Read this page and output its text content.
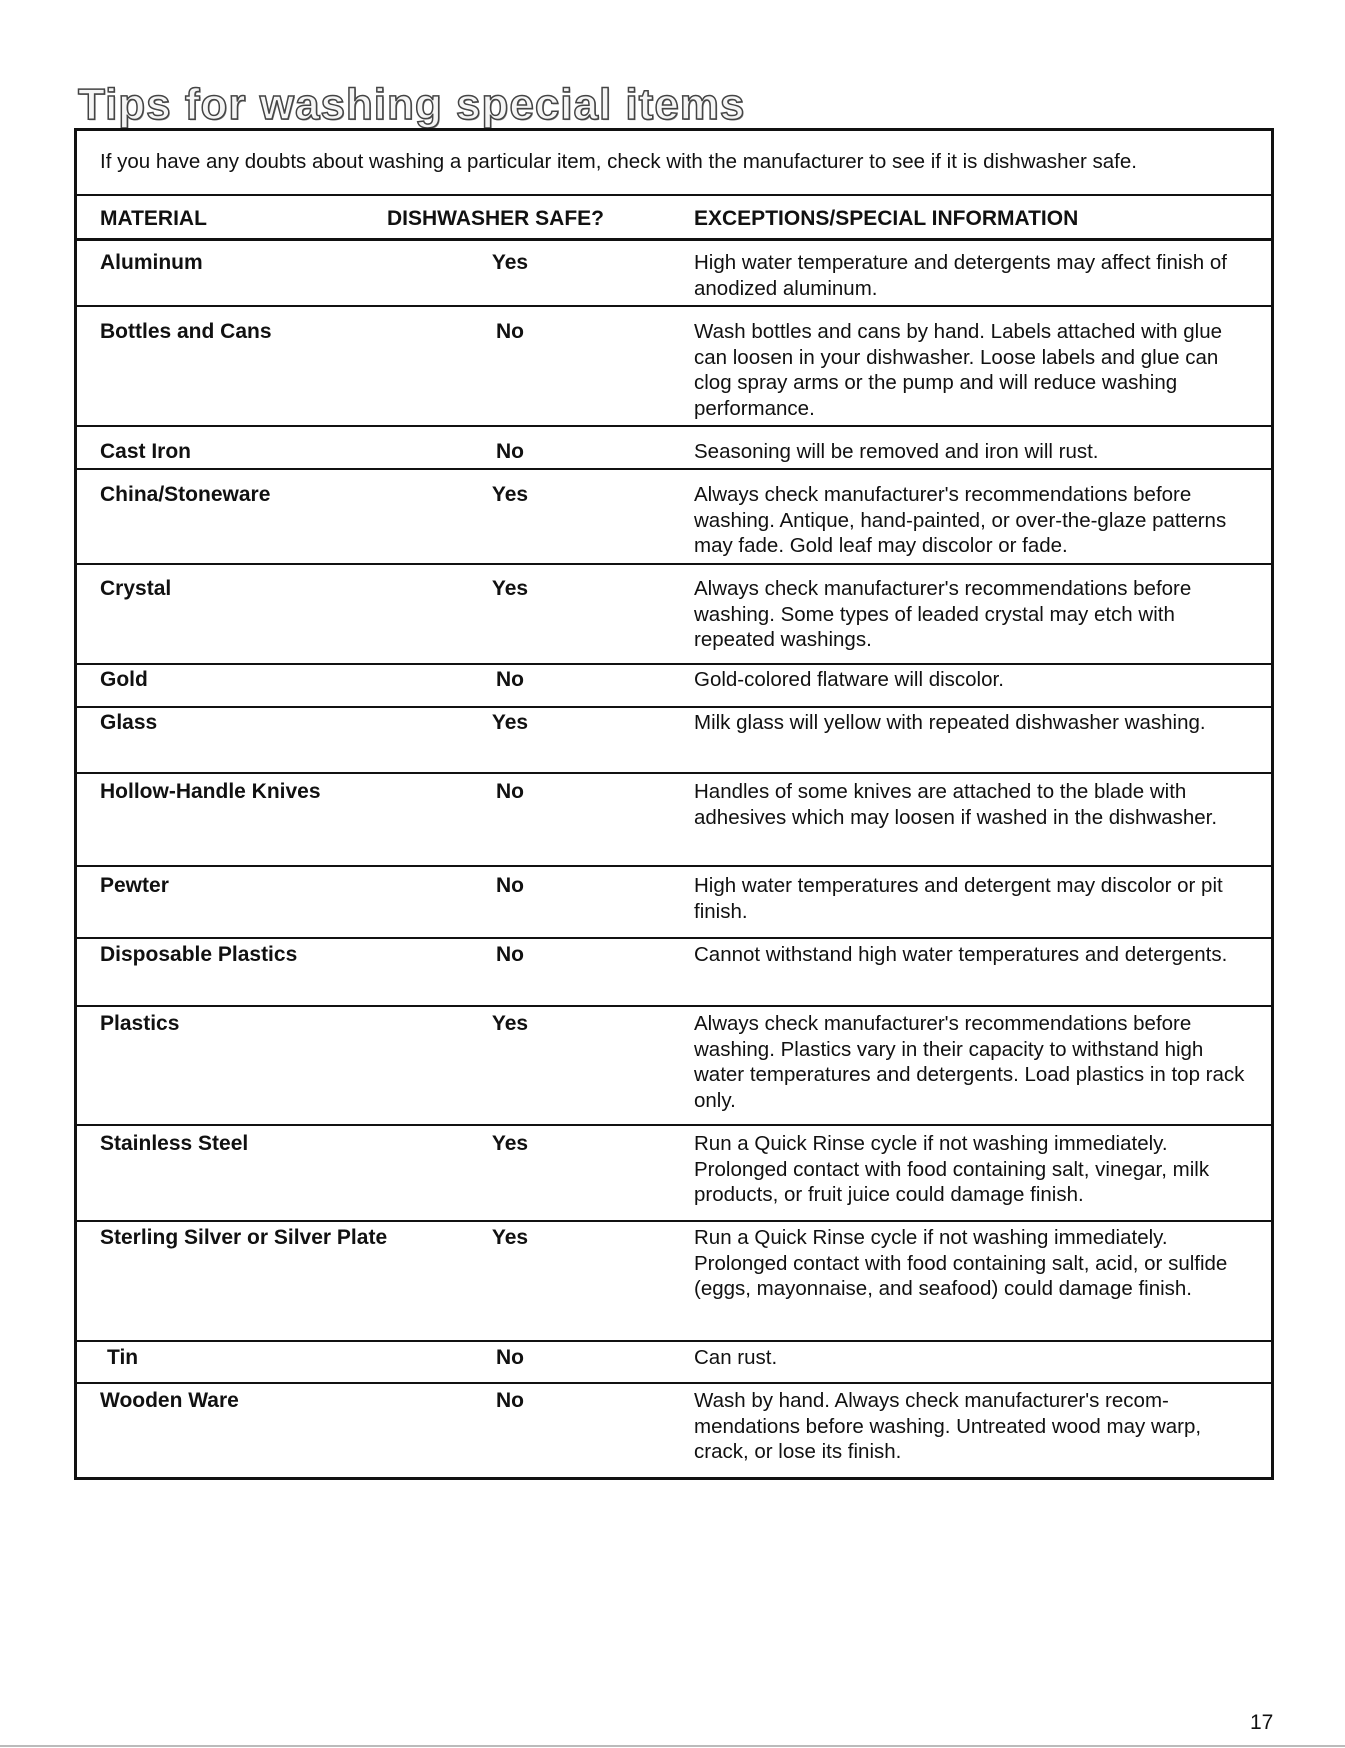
Tips for washing special items
If you have any doubts about washing a particular item, check with the manufacturer to see if it is dishwasher safe.
MATERIAL	DISHWASHER SAFE?	EXCEPTIONS/SPECIAL INFORMATION
Aluminum	Yes	High water temperature and detergents may affect finish of anodized aluminum.
Bottles and Cans	No	Wash bottles and cans by hand. Labels attached with glue can loosen in your dishwasher. Loose labels and glue can clog spray arms or the pump and will reduce washing performance.
Cast Iron	No	Seasoning will be removed and iron will rust.
China/Stoneware	Yes	Always check manufacturer's recommendations before washing. Antique, hand-painted, or over-the-glaze patterns may fade. Gold leaf may discolor or fade.
Crystal	Yes	Always check manufacturer's recommendations before washing. Some types of leaded crystal may etch with repeated washings.
Gold	No	Gold-colored flatware will discolor.
Glass	Yes	Milk glass will yellow with repeated dishwasher washing.
Hollow-Handle Knives	No	Handles of some knives are attached to the blade with adhesives which may loosen if washed in the dishwasher.
Pewter	No	High water temperatures and detergent may discolor or pit finish.
Disposable Plastics	No	Cannot withstand high water temperatures and detergents.
Plastics	Yes	Always check manufacturer's recommendations before washing. Plastics vary in their capacity to withstand high water temperatures and detergents. Load plastics in top rack only.
Stainless Steel	Yes	Run a Quick Rinse cycle if not washing immediately. Prolonged contact with food containing salt, vinegar, milk products, or fruit juice could damage finish.
Sterling Silver or Silver Plate	Yes	Run a Quick Rinse cycle if not washing immediately. Prolonged contact with food containing salt, acid, or sulfide (eggs, mayonnaise, and seafood) could damage finish.
Tin	No	Can rust.
Wooden Ware	No	Wash by hand. Always check manufacturer's recom-mendations before washing. Untreated wood may warp, crack, or lose its finish.
17
